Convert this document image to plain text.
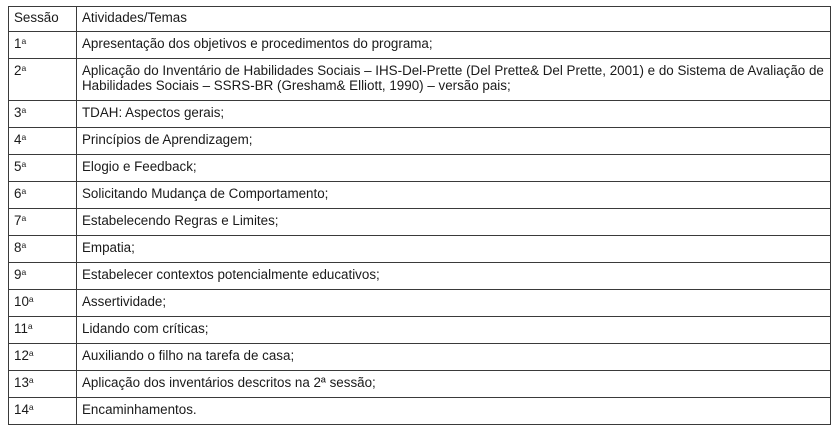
Sessão	Atividades/Temas
1$^a$	Apresentação dos objetivos e procedimentos do programa;
2$^a$	Aplicação do Inventário de Habilidades Sociais – IHS-Del-Prette (Del Prette& Del Prette, 2001) e do Sistema de Avaliação de Habilidades Sociais – SSRS-BR (Gresham& Elliott, 1990) – versão pais;
3$^a$	TDAH: Aspectos gerais;
4$^a$	Princípios de Aprendizagem;
5$^a$	Elogio e Feedback;
6$^a$	Solicitando Mudança de Comportamento;
7$^a$	Estabelecendo Regras e Limites;
8$^a$	Empatia;
9$^a$	Estabelecer contextos potencialmente educativos;
10$^a$	Assertividade;
11$^a$	Lidando com críticas;
12$^a$	Auxiliando o filho na tarefa de casa;
13$^a$	Aplicação dos inventários descritos na 2ª sessão;
14$^a$	Encaminhamentos.
